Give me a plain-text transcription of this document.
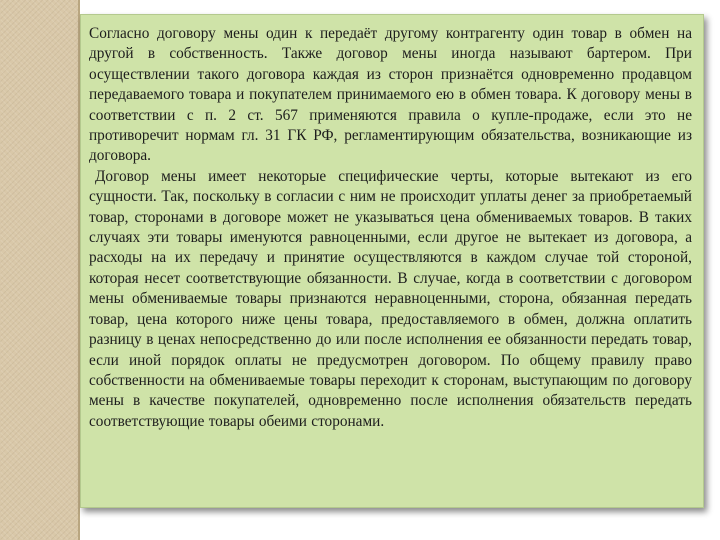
Согласно договору мены один к передаёт другому контрагенту один товар в обмен на другой в собственность. Также договор мены иногда называют бартером. При осуществлении такого договора каждая из сторон признаётся одновременно продавцом передаваемого товара и покупателем принимаемого ею в обмен товара. К договору мены в соответствии с п. 2 ст. 567 применяются правила о купле-продаже, если это не противоречит нормам гл. 31 ГК РФ, регламентирующим обязательства, возникающие из договора.

Договор мены имеет некоторые специфические черты, которые вытекают из его сущности. Так, поскольку в согласии с ним не происходит уплаты денег за приобретаемый товар, сторонами в договоре может не указываться цена обмениваемых товаров. В таких случаях эти товары именуются равноценными, если другое не вытекает из договора, а расходы на их передачу и принятие осуществляются в каждом случае той стороной, которая несет соответствующие обязанности. В случае, когда в соответствии с договором мены обмениваемые товары признаются неравноценными, сторона, обязанная передать товар, цена которого ниже цены товара, предоставляемого в обмен, должна оплатить разницу в ценах непосредственно до или после исполнения ее обязанности передать товар, если иной порядок оплаты не предусмотрен договором. По общему правилу право собственности на обмениваемые товары переходит к сторонам, выступающим по договору мены в качестве покупателей, одновременно после исполнения обязательств передать соответствующие товары обеими сторонами.
